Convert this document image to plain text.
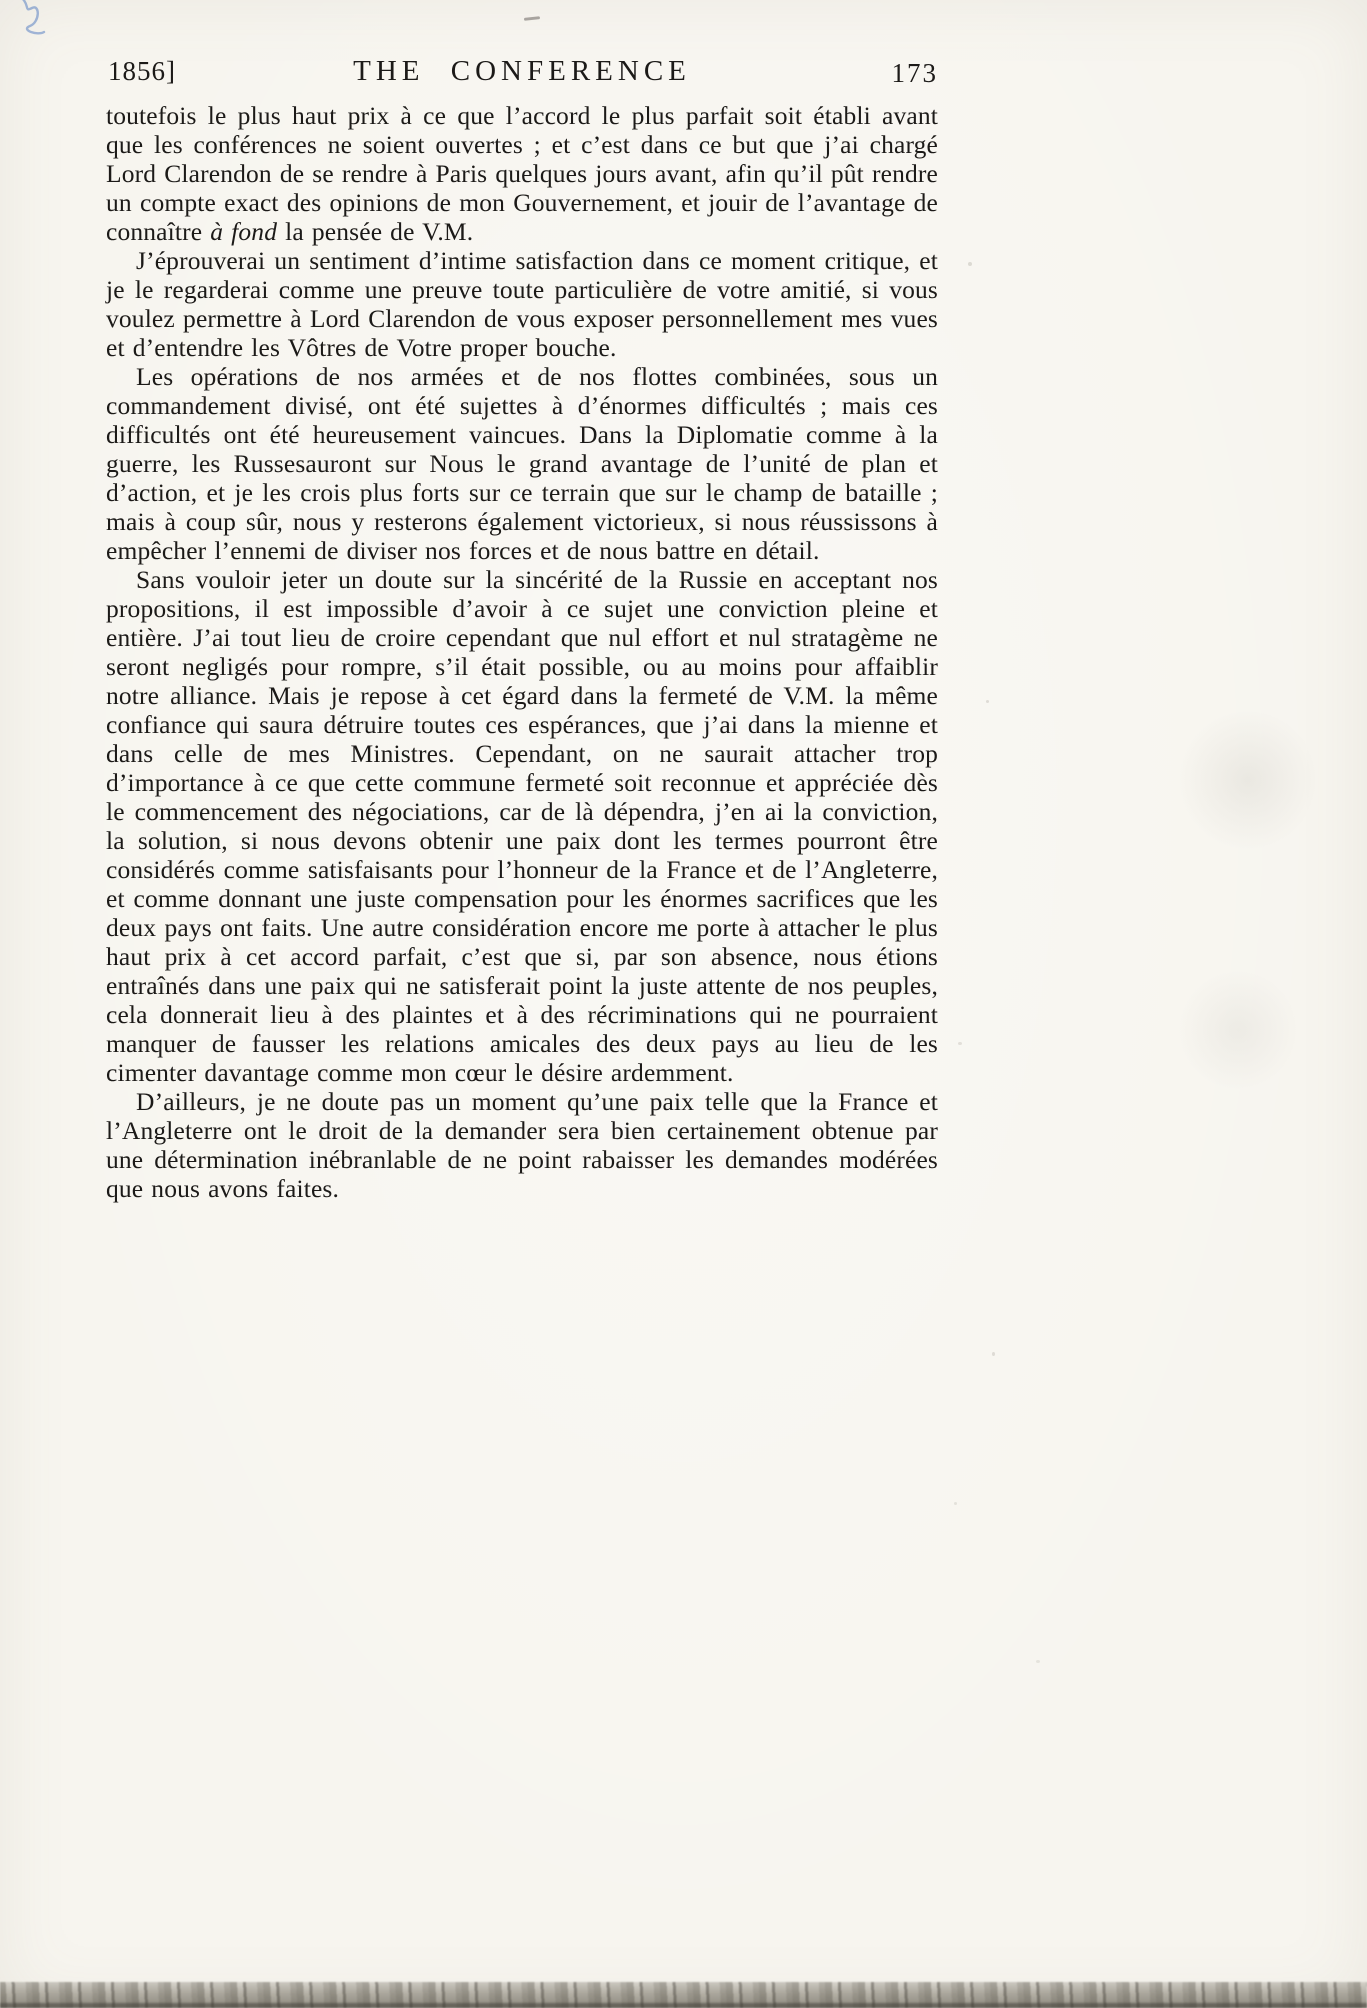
1856]	THE CONFERENCE	173

toutefois le plus haut prix à ce que l’accord le plus parfait soit établi avant que les conférences ne soient ouvertes ; et c’est dans ce but que j’ai chargé Lord Clarendon de se rendre à Paris quelques jours avant, afin qu’il pût rendre un compte exact des opinions de mon Gouvernement, et jouir de l’avantage de connaître à fond la pensée de V.M.

J’éprouverai un sentiment d’intime satisfaction dans ce moment critique, et je le regarderai comme une preuve toute particulière de votre amitié, si vous voulez permettre à Lord Clarendon de vous exposer personnellement mes vues et d’entendre les Vôtres de Votre proper bouche.

Les opérations de nos armées et de nos flottes combinées, sous un commandement divisé, ont été sujettes à d’énormes difficultés ; mais ces difficultés ont été heureusement vaincues. Dans la Diplomatie comme à la guerre, les Russesauront sur Nous le grand avantage de l’unité de plan et d’action, et je les crois plus forts sur ce terrain que sur le champ de bataille ; mais à coup sûr, nous y resterons également victorieux, si nous réussissons à empêcher l’ennemi de diviser nos forces et de nous battre en détail.

Sans vouloir jeter un doute sur la sincérité de la Russie en acceptant nos propositions, il est impossible d’avoir à ce sujet une conviction pleine et entière. J’ai tout lieu de croire cependant que nul effort et nul stratagème ne seront negligés pour rompre, s’il était possible, ou au moins pour affaiblir notre alliance. Mais je repose à cet égard dans la fermeté de V.M. la même confiance qui saura détruire toutes ces espérances, que j’ai dans la mienne et dans celle de mes Ministres. Cependant, on ne saurait attacher trop d’importance à ce que cette commune fermeté soit reconnue et appréciée dès le commencement des négociations, car de là dépendra, j’en ai la conviction, la solution, si nous devons obtenir une paix dont les termes pourront être considérés comme satisfaisants pour l’honneur de la France et de l’Angleterre, et comme donnant une juste compensation pour les énormes sacrifices que les deux pays ont faits. Une autre considération encore me porte à attacher le plus haut prix à cet accord parfait, c’est que si, par son absence, nous étions entraînés dans une paix qui ne satisferait point la juste attente de nos peuples, cela donnerait lieu à des plaintes et à des récriminations qui ne pourraient manquer de fausser les relations amicales des deux pays au lieu de les cimenter davantage comme mon cœur le désire ardemment.

D’ailleurs, je ne doute pas un moment qu’une paix telle que la France et l’Angleterre ont le droit de la demander sera bien certainement obtenue par une détermination inébranlable de ne point rabaisser les demandes modérées que nous avons faites.
